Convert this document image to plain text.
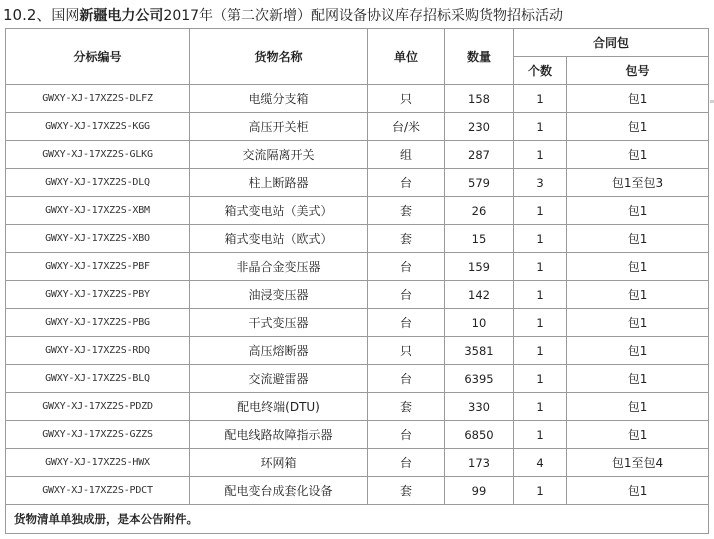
10.2、国网新疆电力公司2017年（第二次新增）配网设备协议库存招标采购货物招标活动
分标编号	货物名称	单位	数量	合同包	
				个数	包号
GWXY-XJ-17XZ2S-DLFZ	电缆分支箱	只	158	1	包1
GWXY-XJ-17XZ2S-KGG	高压开关柜	台/米	230	1	包1
GWXY-XJ-17XZ2S-GLKG	交流隔离开关	组	287	1	包1
GWXY-XJ-17XZ2S-DLQ	柱上断路器	台	579	3	包1至包3
GWXY-XJ-17XZ2S-XBM	箱式变电站（美式）	套	26	1	包1
GWXY-XJ-17XZ2S-XBO	箱式变电站（欧式）	套	15	1	包1
GWXY-XJ-17XZ2S-PBF	非晶合金变压器	台	159	1	包1
GWXY-XJ-17XZ2S-PBY	油浸变压器	台	142	1	包1
GWXY-XJ-17XZ2S-PBG	干式变压器	台	10	1	包1
GWXY-XJ-17XZ2S-RDQ	高压熔断器	只	3581	1	包1
GWXY-XJ-17XZ2S-BLQ	交流避雷器	台	6395	1	包1
GWXY-XJ-17XZ2S-PDZD	配电终端(DTU)	套	330	1	包1
GWXY-XJ-17XZ2S-GZZS	配电线路故障指示器	台	6850	1	包1
GWXY-XJ-17XZ2S-HWX	环网箱	台	173	4	包1至包4
GWXY-XJ-17XZ2S-PDCT	配电变台成套化设备	套	99	1	包1
货物清单单独成册，是本公告附件。					
